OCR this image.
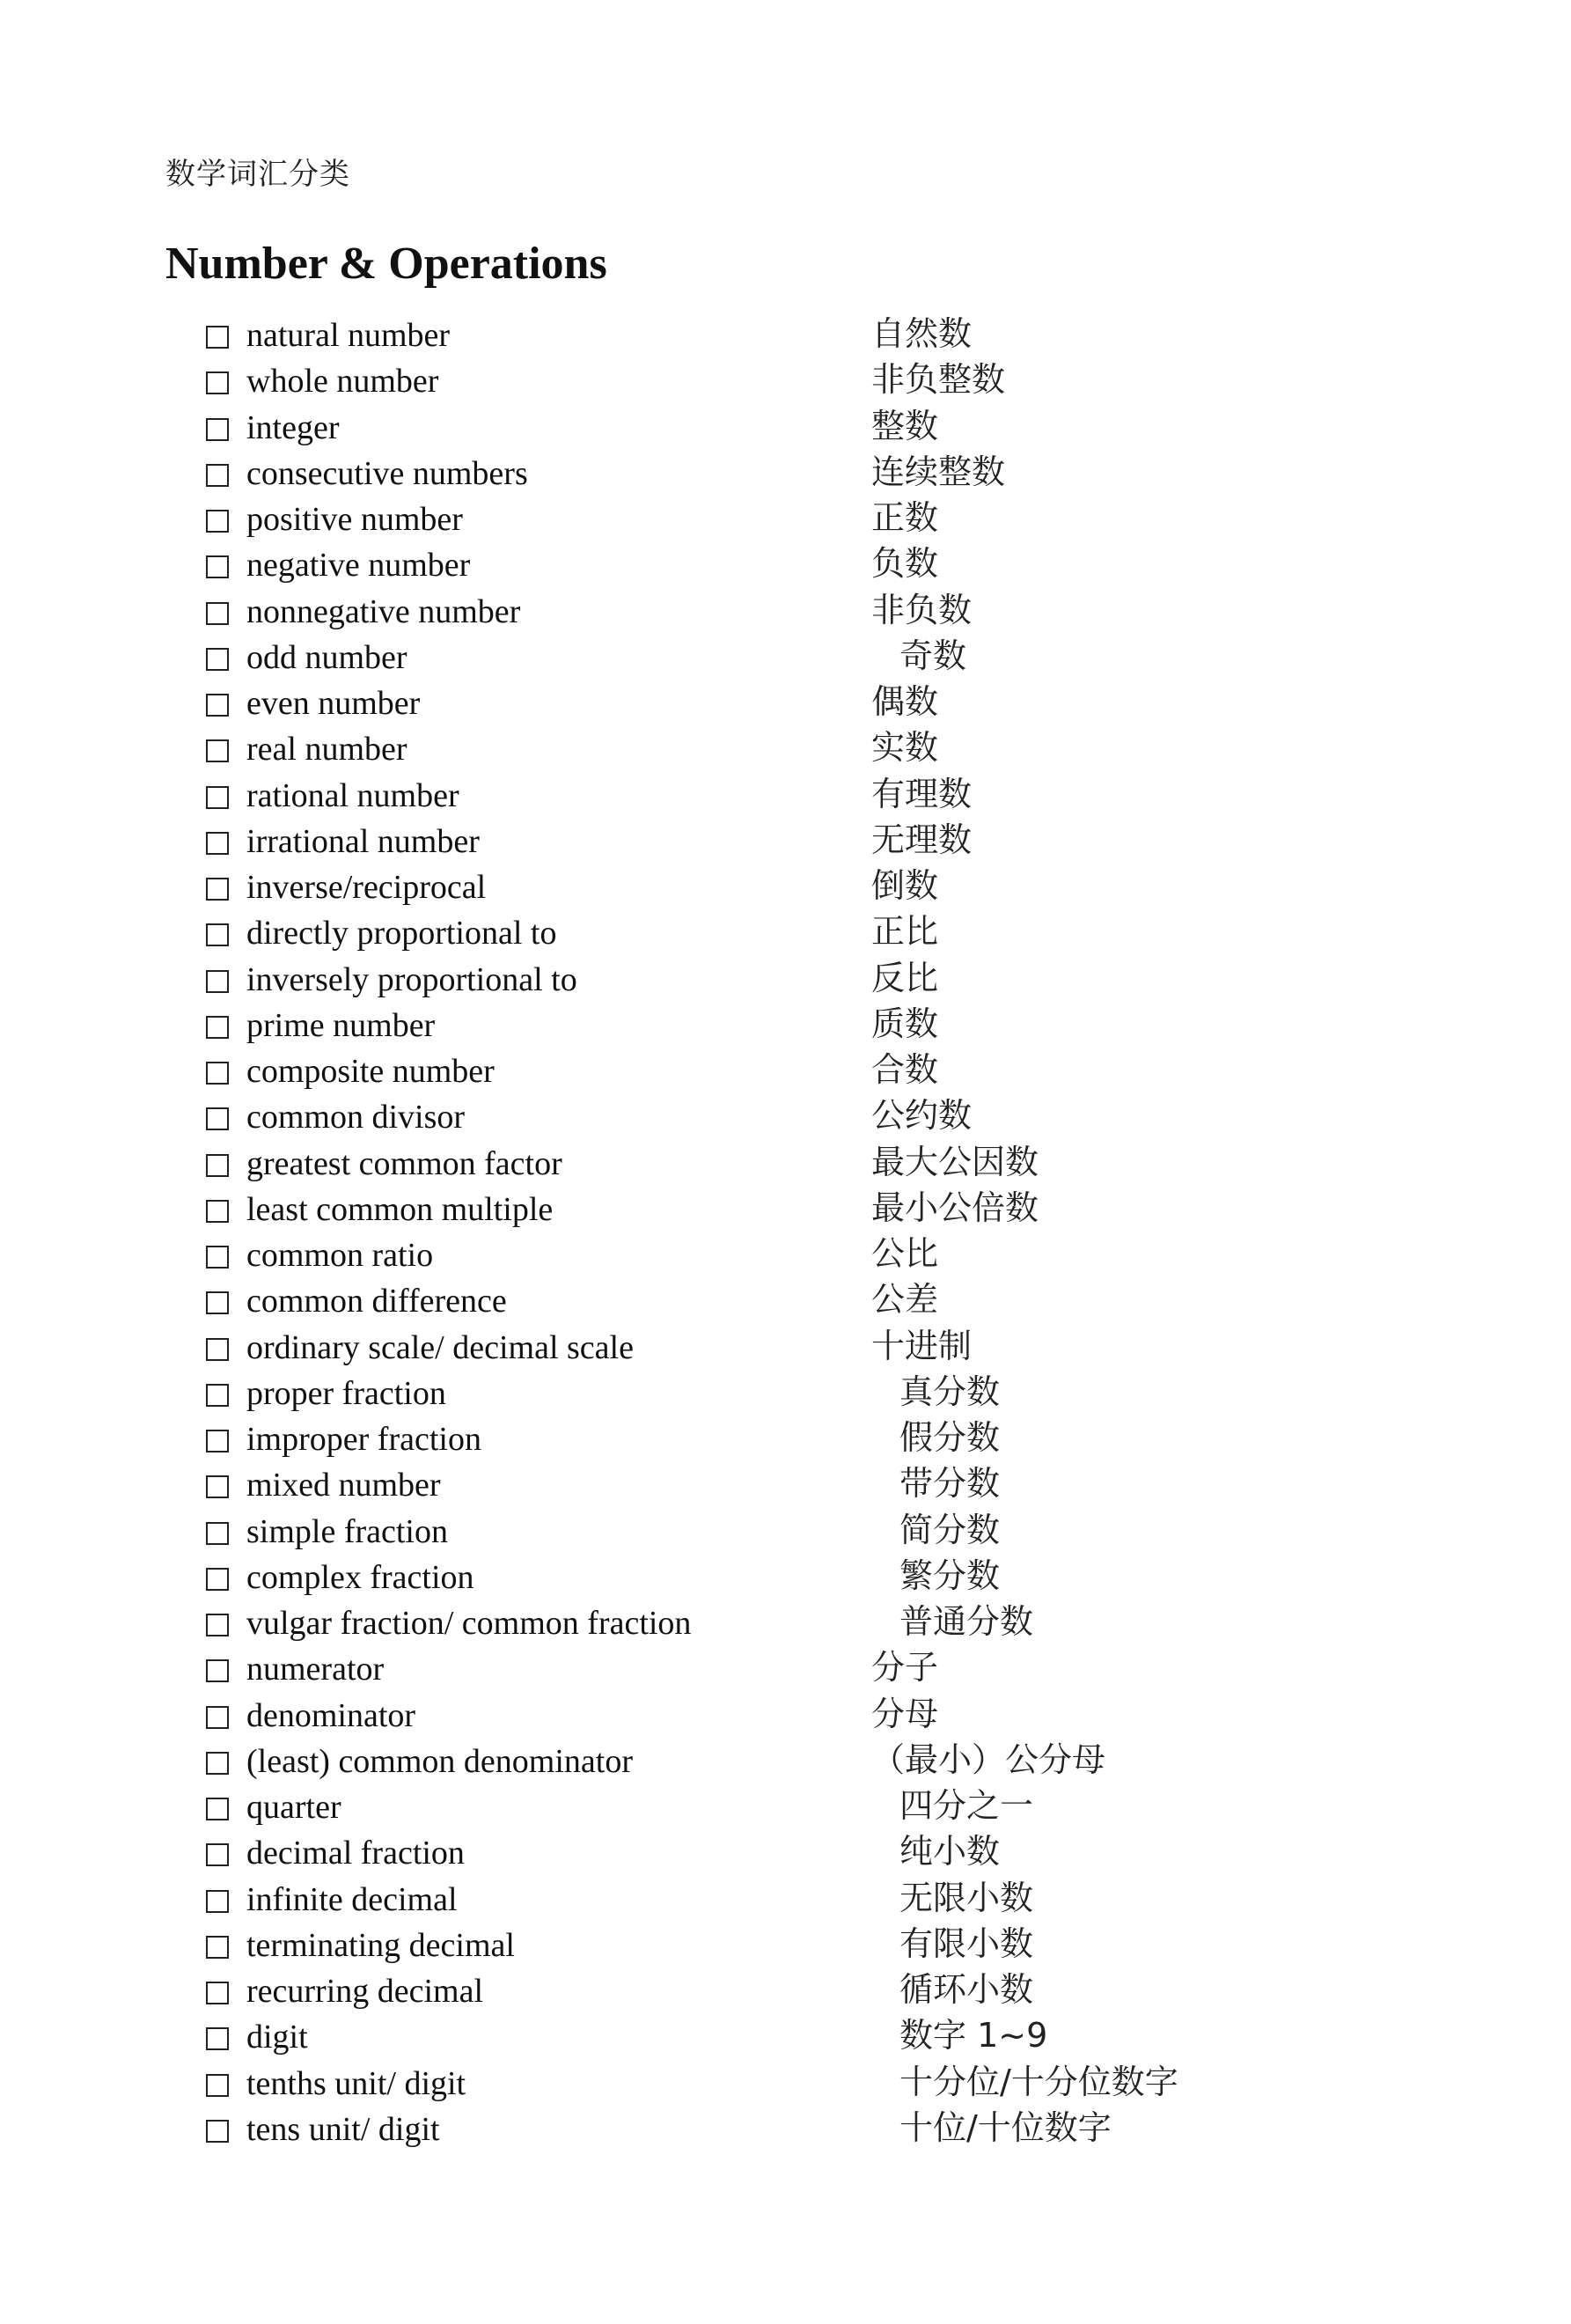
数学词汇分类
Number & Operations
natural number	自然数
whole number	非负整数
integer	整数
consecutive numbers	连续整数
positive number	正数
negative number	负数
nonnegative number	非负数
odd number	奇数
even number	偶数
real number	实数
rational number	有理数
irrational number	无理数
inverse/reciprocal	倒数
directly proportional to	正比
inversely proportional to	反比
prime number	质数
composite number	合数
common divisor	公约数
greatest common factor	最大公因数
least common multiple	最小公倍数
common ratio	公比
common difference	公差
ordinary scale/ decimal scale	十进制
proper fraction	真分数
improper fraction	假分数
mixed number	带分数
simple fraction	简分数
complex fraction	繁分数
vulgar fraction/ common fraction	普通分数
numerator	分子
denominator	分母
(least) common denominator	（最小）公分母
quarter	四分之一
decimal fraction	纯小数
infinite decimal	无限小数
terminating decimal	有限小数
recurring decimal	循环小数
digit	数字 1~9
tenths unit/ digit	十分位/十分位数字
tens unit/ digit	十位/十位数字
